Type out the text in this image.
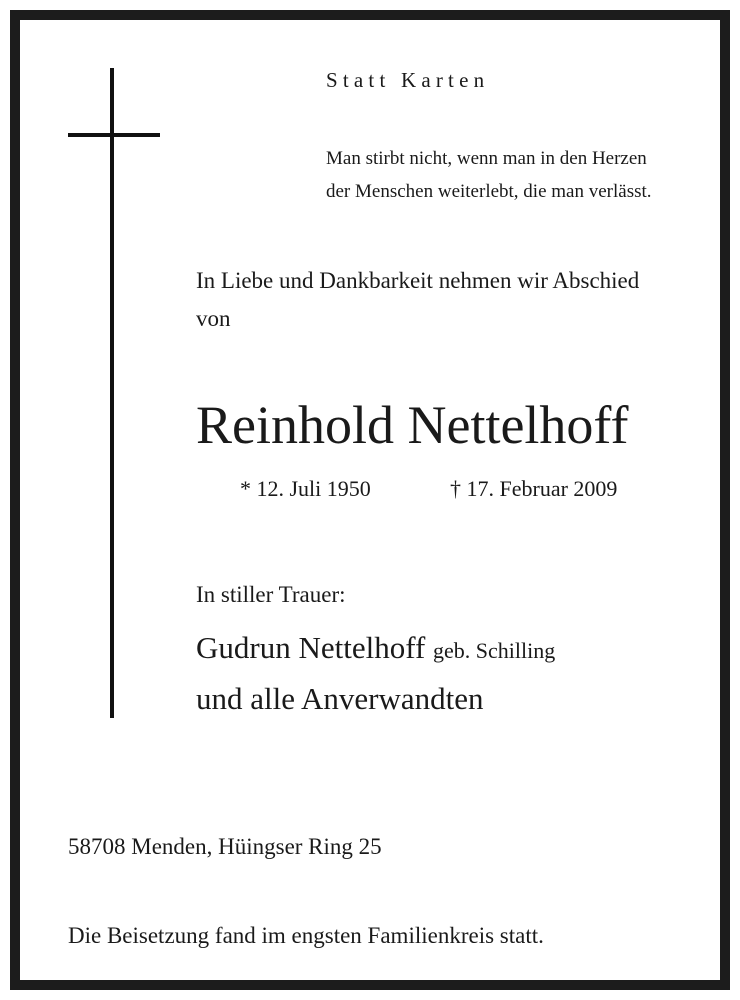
Statt Karten
Man stirbt nicht, wenn man in den Herzen
der Menschen weiterlebt, die man verlässt.
In Liebe und Dankbarkeit nehmen wir Abschied
von
Reinhold Nettelhoff
* 12. Juli 1950	† 17. Februar 2009
In stiller Trauer:
Gudrun Nettelhoff geb. Schilling
und alle Anverwandten
58708 Menden, Hüingser Ring 25
Die Beisetzung fand im engsten Familienkreis statt.
